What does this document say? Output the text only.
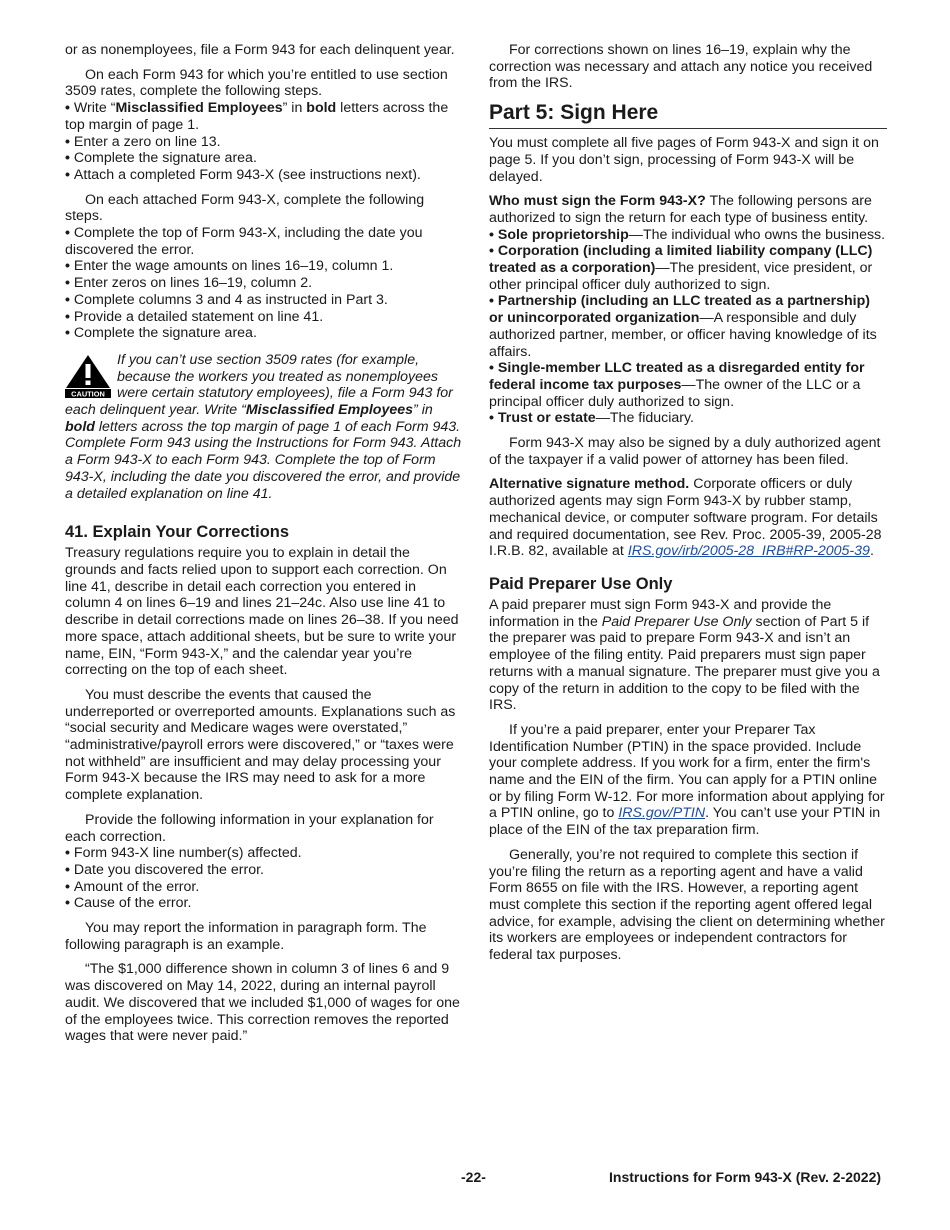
or as nonemployees, file a Form 943 for each delinquent year.

On each Form 943 for which you’re entitled to use section 3509 rates, complete the following steps.

• Write “Misclassified Employees” in bold letters across the top margin of page 1.
• Enter a zero on line 13.
• Complete the signature area.
• Attach a completed Form 943-X (see instructions next).

On each attached Form 943-X, complete the following steps.

• Complete the top of Form 943-X, including the date you discovered the error.
• Enter the wage amounts on lines 16–19, column 1.
• Enter zeros on lines 16–19, column 2.
• Complete columns 3 and 4 as instructed in Part 3.
• Provide a detailed statement on line 41.
• Complete the signature area.
CAUTION
If you can’t use section 3509 rates (for example, because the workers you treated as nonemployees were certain statutory employees), file a Form 943 for each delinquent year. Write “Misclassified Employees” in bold letters across the top margin of page 1 of each Form 943. Complete Form 943 using the Instructions for Form 943. Attach a Form 943-X to each Form 943. Complete the top of Form 943-X, including the date you discovered the error, and provide a detailed explanation on line 41.
41. Explain Your Corrections

Treasury regulations require you to explain in detail the grounds and facts relied upon to support each correction. On line 41, describe in detail each correction you entered in column 4 on lines 6–19 and lines 21–24c. Also use line 41 to describe in detail corrections made on lines 26–38. If you need more space, attach additional sheets, but be sure to write your name, EIN, “Form 943-X,” and the calendar year you’re correcting on the top of each sheet.

You must describe the events that caused the underreported or overreported amounts. Explanations such as “social security and Medicare wages were overstated,” “administrative/payroll errors were discovered,” or “taxes were not withheld” are insufficient and may delay processing your Form 943-X because the IRS may need to ask for a more complete explanation.

Provide the following information in your explanation for each correction.

• Form 943-X line number(s) affected.
• Date you discovered the error.
• Amount of the error.
• Cause of the error.

You may report the information in paragraph form. The following paragraph is an example.

“The $1,000 difference shown in column 3 of lines 6 and 9 was discovered on May 14, 2022, during an internal payroll audit. We discovered that we included $1,000 of wages for one of the employees twice. This correction removes the reported wages that were never paid.”

For corrections shown on lines 16–19, explain why the correction was necessary and attach any notice you received from the IRS.

Part 5: Sign Here

You must complete all five pages of Form 943-X and sign it on page 5. If you don’t sign, processing of Form 943-X will be delayed.

Who must sign the Form 943-X? The following persons are authorized to sign the return for each type of business entity.

• Sole proprietorship—The individual who owns the business.
• Corporation (including a limited liability company (LLC) treated as a corporation)—The president, vice president, or other principal officer duly authorized to sign.
• Partnership (including an LLC treated as a partnership) or unincorporated organization—A responsible and duly authorized partner, member, or officer having knowledge of its affairs.
• Single-member LLC treated as a disregarded entity for federal income tax purposes—The owner of the LLC or a principal officer duly authorized to sign.
• Trust or estate—The fiduciary.

Form 943-X may also be signed by a duly authorized agent of the taxpayer if a valid power of attorney has been filed.

Alternative signature method. Corporate officers or duly authorized agents may sign Form 943-X by rubber stamp, mechanical device, or computer software program. For details and required documentation, see Rev. Proc. 2005-39, 2005-28 I.R.B. 82, available at IRS.gov/irb/2005-28_IRB#RP-2005-39.

Paid Preparer Use Only

A paid preparer must sign Form 943-X and provide the information in the Paid Preparer Use Only section of Part 5 if the preparer was paid to prepare Form 943-X and isn’t an employee of the filing entity. Paid preparers must sign paper returns with a manual signature. The preparer must give you a copy of the return in addition to the copy to be filed with the IRS.

If you’re a paid preparer, enter your Preparer Tax Identification Number (PTIN) in the space provided. Include your complete address. If you work for a firm, enter the firm's name and the EIN of the firm. You can apply for a PTIN online or by filing Form W-12. For more information about applying for a PTIN online, go to IRS.gov/PTIN. You can’t use your PTIN in place of the EIN of the tax preparation firm.

Generally, you’re not required to complete this section if you’re filing the return as a reporting agent and have a valid Form 8655 on file with the IRS. However, a reporting agent must complete this section if the reporting agent offered legal advice, for example, advising the client on determining whether its workers are employees or independent contractors for federal tax purposes.

-22-	Instructions for Form 943-X (Rev. 2-2022)
